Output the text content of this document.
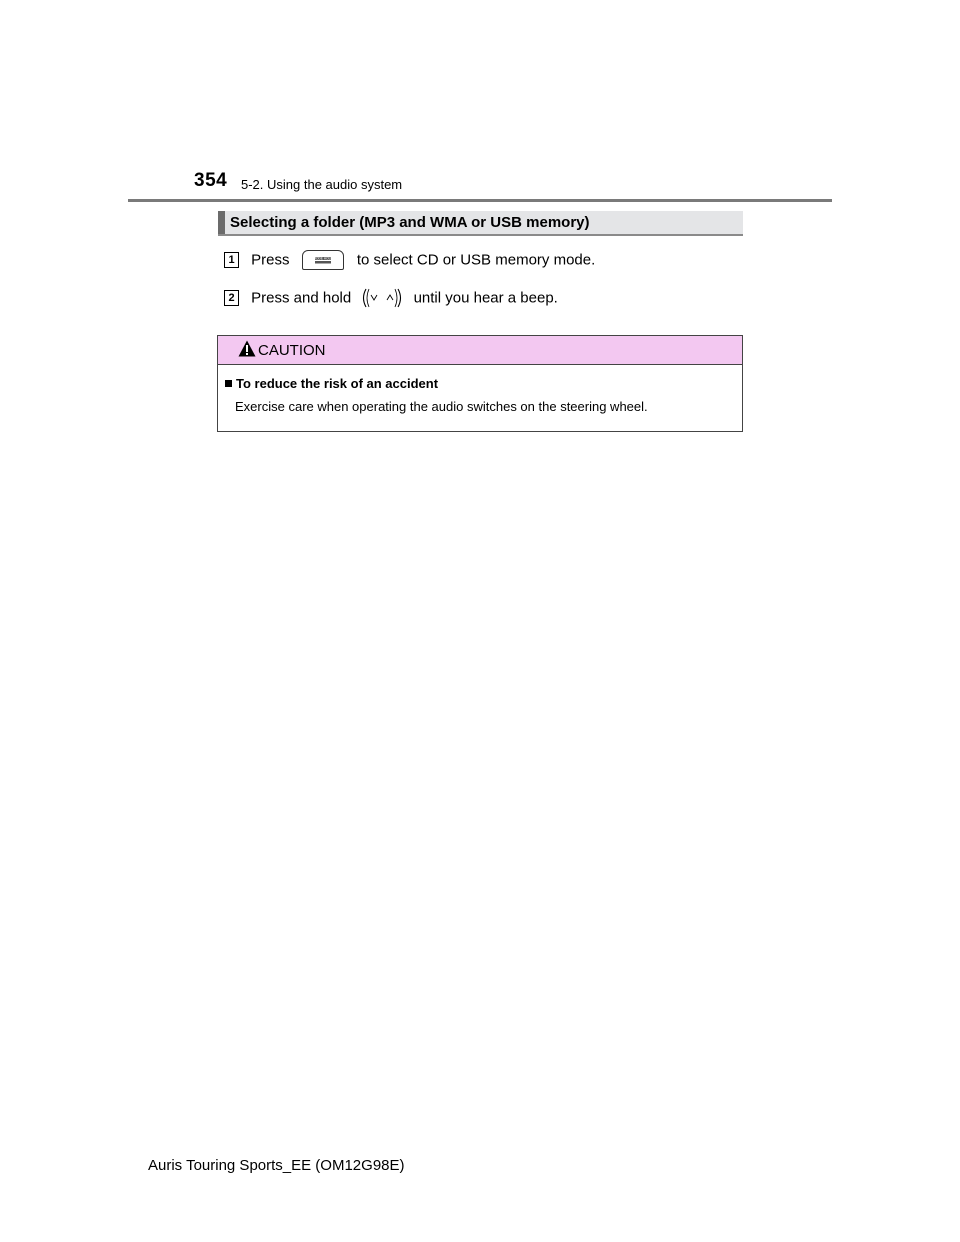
354 5-2. Using the audio system
Selecting a folder (MP3 and WMA or USB memory)
1 Press	MODE HOLD to select CD or USB memory mode.
2 Press and hold	until you hear a beep.
CAUTION
To reduce the risk of an accident
Exercise care when operating the audio switches on the steering wheel.
Auris Touring Sports_EE (OM12G98E)
